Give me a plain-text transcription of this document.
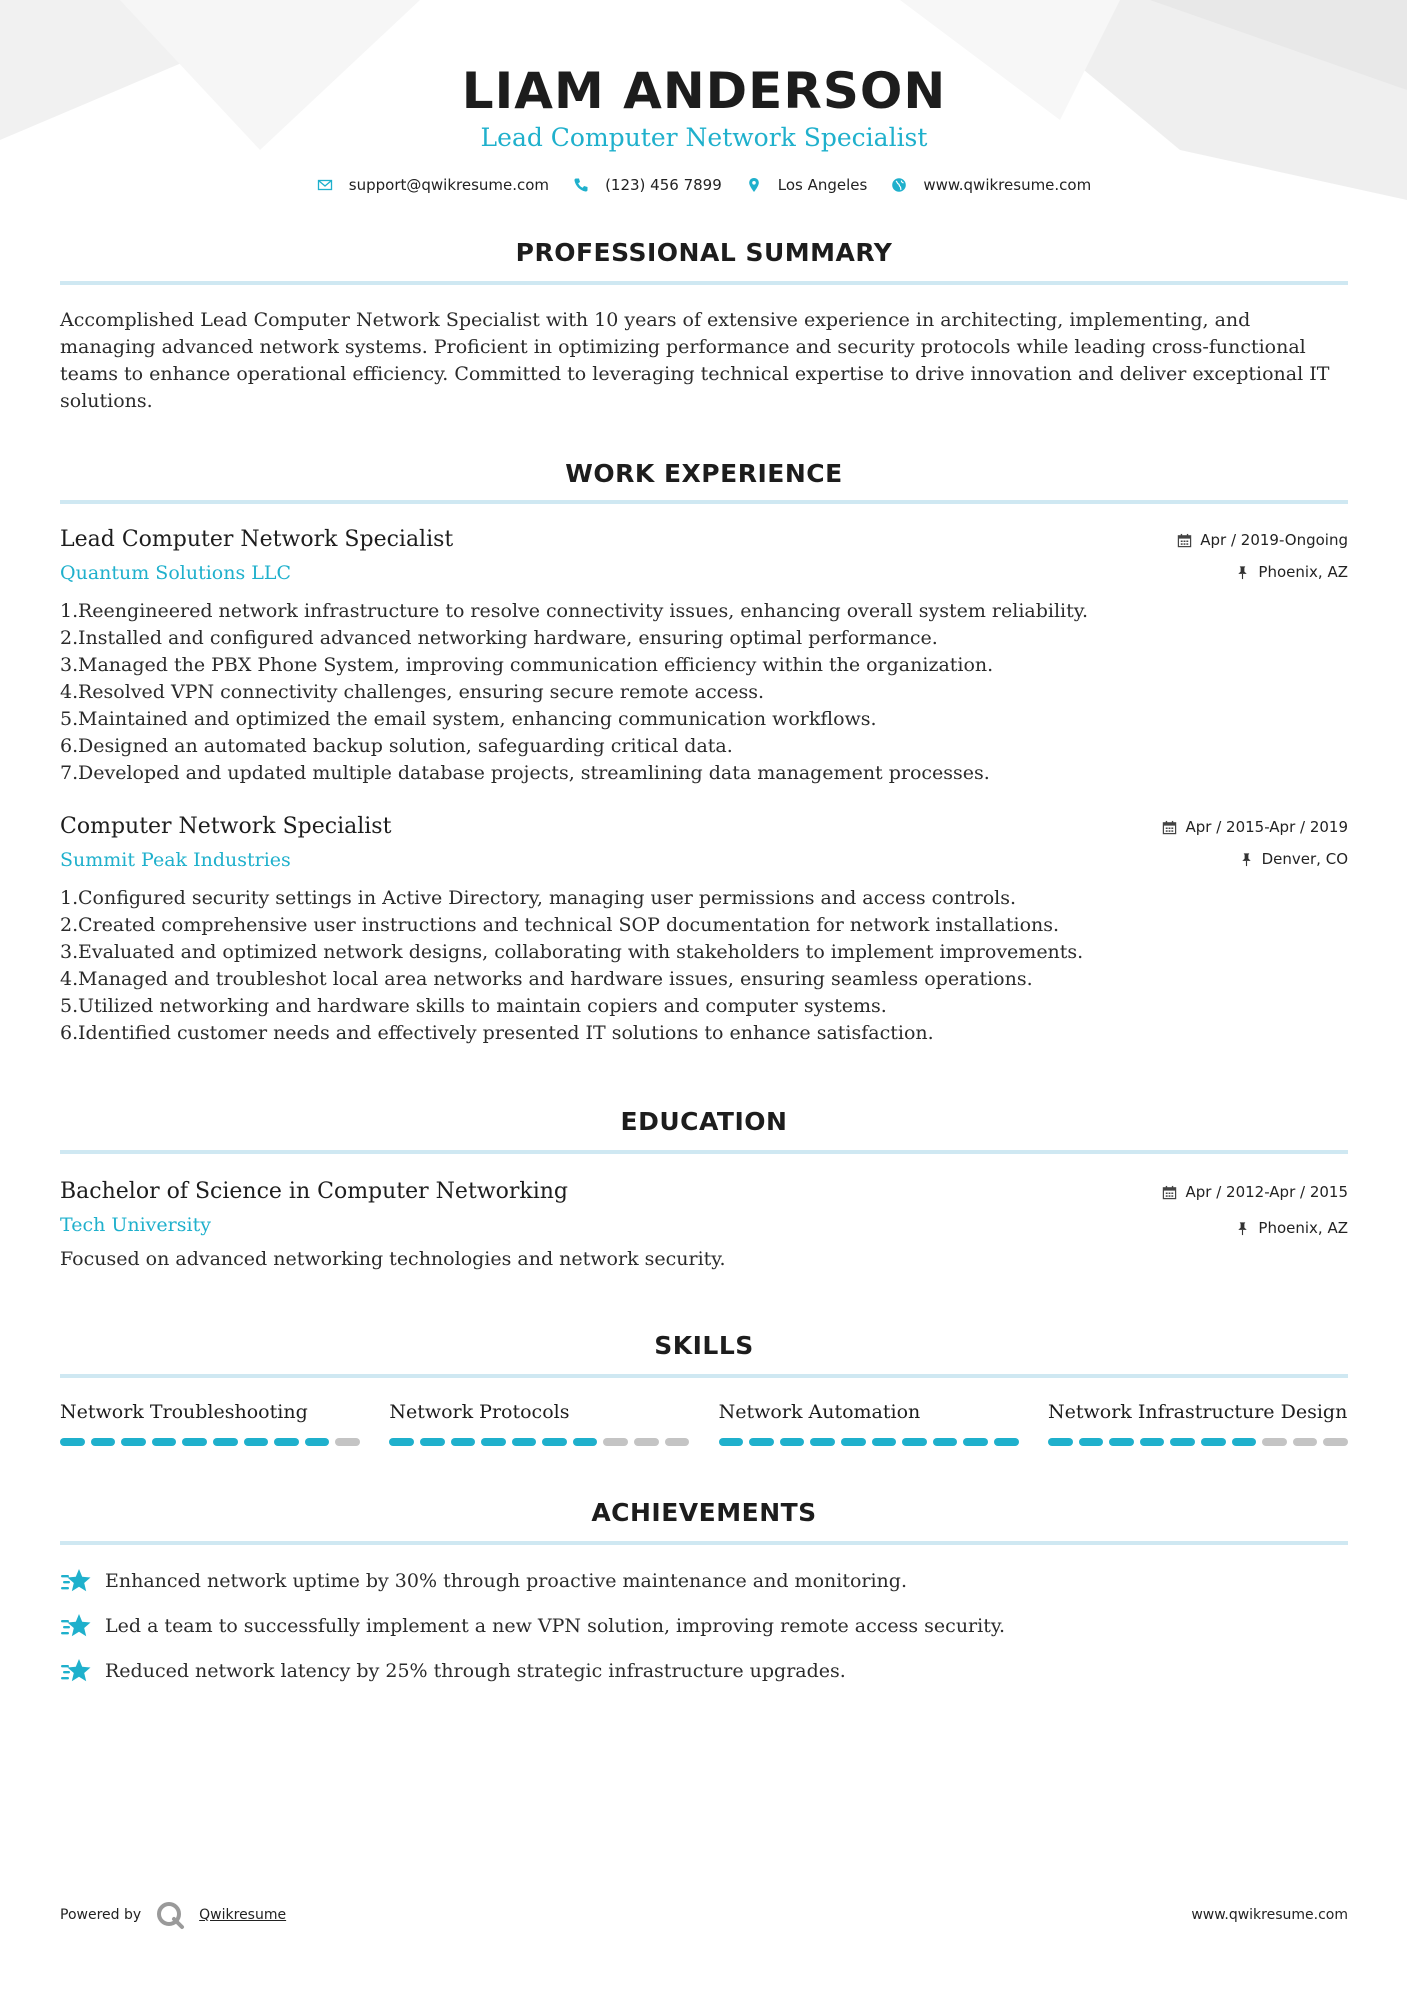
LIAM ANDERSON
Lead Computer Network Specialist
support@qwikresume.com	(123) 456 7899	Los Angeles	www.qwikresume.com
PROFESSIONAL SUMMARY

Accomplished Lead Computer Network Specialist with 10 years of extensive experience in architecting, implementing, and managing advanced network systems. Proficient in optimizing performance and security protocols while leading cross-functional teams to enhance operational efficiency. Committed to leveraging technical expertise to drive innovation and deliver exceptional IT solutions.

WORK EXPERIENCE
Lead Computer Network Specialist
Quantum Solutions LLC
Apr / 2019-Ongoing
Phoenix, AZ
1. Reengineered network infrastructure to resolve connectivity issues, enhancing overall system reliability.
2. Installed and configured advanced networking hardware, ensuring optimal performance.
3. Managed the PBX Phone System, improving communication efficiency within the organization.
4. Resolved VPN connectivity challenges, ensuring secure remote access.
5. Maintained and optimized the email system, enhancing communication workflows.
6. Designed an automated backup solution, safeguarding critical data.
7. Developed and updated multiple database projects, streamlining data management processes.
Computer Network Specialist
Summit Peak Industries
Apr / 2015-Apr / 2019
Denver, CO
1. Configured security settings in Active Directory, managing user permissions and access controls.
2. Created comprehensive user instructions and technical SOP documentation for network installations.
3. Evaluated and optimized network designs, collaborating with stakeholders to implement improvements.
4. Managed and troubleshot local area networks and hardware issues, ensuring seamless operations.
5. Utilized networking and hardware skills to maintain copiers and computer systems.
6. Identified customer needs and effectively presented IT solutions to enhance satisfaction.
EDUCATION
Bachelor of Science in Computer Networking
Tech University
Apr / 2012-Apr / 2015
Phoenix, AZ

Focused on advanced networking technologies and network security.

SKILLS
Network Troubleshooting	Network Protocols	Network Automation	Network Infrastructure Design
ACHIEVEMENTS
Enhanced network uptime by 30% through proactive maintenance and monitoring.
Led a team to successfully implement a new VPN solution, improving remote access security.
Reduced network latency by 25% through strategic infrastructure upgrades.
Powered by	Qwikresume	www.qwikresume.com
